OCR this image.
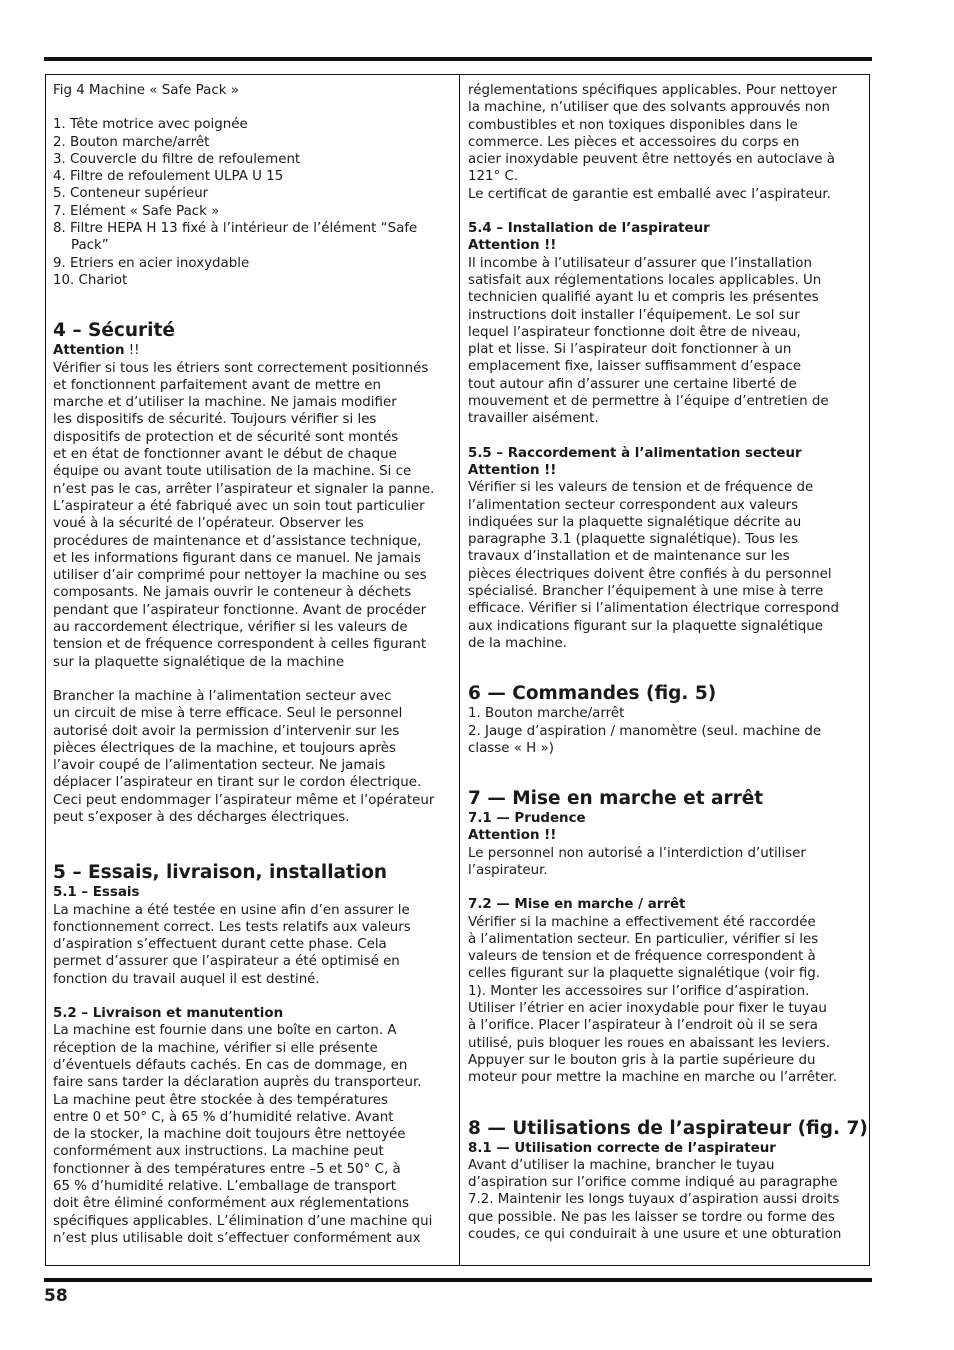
Fig 4 Machine « Safe Pack »
1. Tête motrice avec poignée
2. Bouton marche/arrêt
3. Couvercle du filtre de refoulement
4. Filtre de refoulement ULPA U 15
5. Conteneur supérieur
7. Elément « Safe Pack »
8. Filtre HEPA H 13 fixé à l’intérieur de l’élément “Safe
Pack”
9. Etriers en acier inoxydable
10. Chariot
4 – Sécurité
Attention !!
Vérifier si tous les étriers sont correctement positionnés
et fonctionnent parfaitement avant de mettre en
marche et d’utiliser la machine. Ne jamais modifier
les dispositifs de sécurité. Toujours vérifier si les
dispositifs de protection et de sécurité sont montés
et en état de fonctionner avant le début de chaque
équipe ou avant toute utilisation de la machine. Si ce
n’est pas le cas, arrêter l’aspirateur et signaler la panne.
L’aspirateur a été fabriqué avec un soin tout particulier
voué à la sécurité de l’opérateur. Observer les
procédures de maintenance et d’assistance technique,
et les informations figurant dans ce manuel. Ne jamais
utiliser d’air comprimé pour nettoyer la machine ou ses
composants. Ne jamais ouvrir le conteneur à déchets
pendant que l’aspirateur fonctionne. Avant de procéder
au raccordement électrique, vérifier si les valeurs de
tension et de fréquence correspondent à celles figurant
sur la plaquette signalétique de la machine
Brancher la machine à l’alimentation secteur avec
un circuit de mise à terre efficace. Seul le personnel
autorisé doit avoir la permission d’intervenir sur les
pièces électriques de la machine, et toujours après
l’avoir coupé de l’alimentation secteur. Ne jamais
déplacer l’aspirateur en tirant sur le cordon électrique.
Ceci peut endommager l’aspirateur même et l’opérateur
peut s’exposer à des décharges électriques.
5 – Essais, livraison, installation
5.1 – Essais
La machine a été testée en usine afin d’en assurer le
fonctionnement correct. Les tests relatifs aux valeurs
d’aspiration s’effectuent durant cette phase. Cela
permet d’assurer que l’aspirateur a été optimisé en
fonction du travail auquel il est destiné.
5.2 – Livraison et manutention
La machine est fournie dans une boîte en carton. A
réception de la machine, vérifier si elle présente
d’éventuels défauts cachés. En cas de dommage, en
faire sans tarder la déclaration auprès du transporteur.
La machine peut être stockée à des températures
entre 0 et 50° C, à 65 % d’humidité relative. Avant
de la stocker, la machine doit toujours être nettoyée
conformément aux instructions. La machine peut
fonctionner à des températures entre –5 et 50° C, à
65 % d’humidité relative. L’emballage de transport
doit être éliminé conformément aux réglementations
spécifiques applicables. L’élimination d’une machine qui
n’est plus utilisable doit s’effectuer conformément aux
réglementations spécifiques applicables. Pour nettoyer
la machine, n’utiliser que des solvants approuvés non
combustibles et non toxiques disponibles dans le
commerce. Les pièces et accessoires du corps en
acier inoxydable peuvent être nettoyés en autoclave à
121° C.
Le certificat de garantie est emballé avec l’aspirateur.
5.4 – Installation de l’aspirateur
Attention !!
Il incombe à l’utilisateur d’assurer que l’installation
satisfait aux réglementations locales applicables. Un
technicien qualifié ayant lu et compris les présentes
instructions doit installer l’équipement. Le sol sur
lequel l’aspirateur fonctionne doit être de niveau,
plat et lisse. Si l’aspirateur doit fonctionner à un
emplacement fixe, laisser suffisamment d’espace
tout autour afin d’assurer une certaine liberté de
mouvement et de permettre à l’équipe d’entretien de
travailler aisément.
5.5 – Raccordement à l’alimentation secteur
Attention !!
Vérifier si les valeurs de tension et de fréquence de
l’alimentation secteur correspondent aux valeurs
indiquées sur la plaquette signalétique décrite au
paragraphe 3.1 (plaquette signalétique). Tous les
travaux d’installation et de maintenance sur les
pièces électriques doivent être confiés à du personnel
spécialisé. Brancher l’équipement à une mise à terre
efficace. Vérifier si l’alimentation électrique correspond
aux indications figurant sur la plaquette signalétique
de la machine.
6 — Commandes (fig. 5)
1. Bouton marche/arrêt
2. Jauge d’aspiration / manomètre (seul. machine de
classe « H »)
7 — Mise en marche et arrêt
7.1 — Prudence
Attention !!
Le personnel non autorisé a l’interdiction d’utiliser
l’aspirateur.
7.2 — Mise en marche / arrêt
Vérifier si la machine a effectivement été raccordée
à l’alimentation secteur. En particulier, vérifier si les
valeurs de tension et de fréquence correspondent à
celles figurant sur la plaquette signalétique (voir fig.
1). Monter les accessoires sur l’orifice d’aspiration.
Utiliser l’étrier en acier inoxydable pour fixer le tuyau
à l’orifice. Placer l’aspirateur à l’endroit où il se sera
utilisé, puis bloquer les roues en abaissant les leviers.
Appuyer sur le bouton gris à la partie supérieure du
moteur pour mettre la machine en marche ou l’arrêter.
8 — Utilisations de l’aspirateur (fig. 7)
8.1 — Utilisation correcte de l’aspirateur
Avant d’utiliser la machine, brancher le tuyau
d’aspiration sur l’orifice comme indiqué au paragraphe
7.2. Maintenir les longs tuyaux d’aspiration aussi droits
que possible. Ne pas les laisser se tordre ou forme des
coudes, ce qui conduirait à une usure et une obturation
58
